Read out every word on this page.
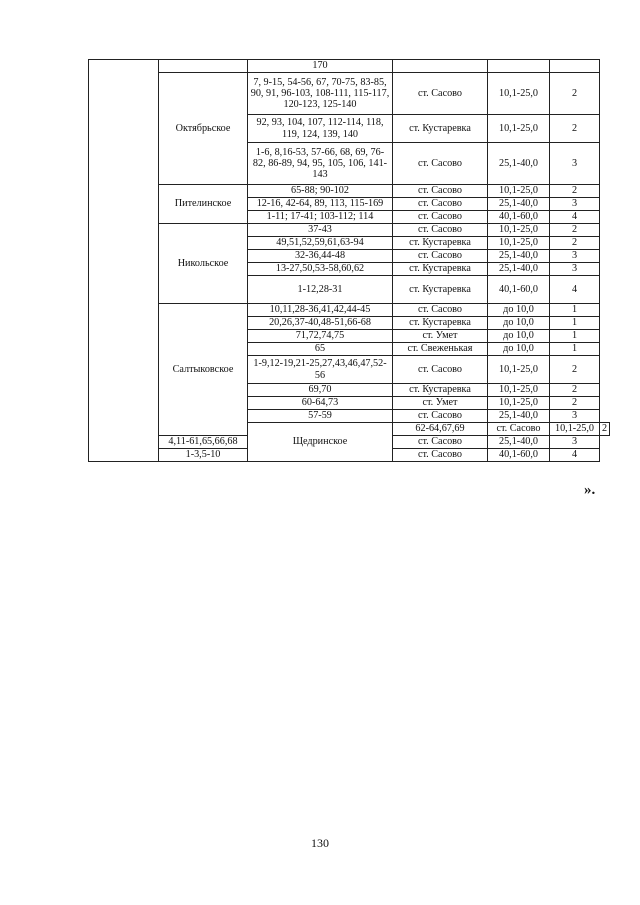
		170				
	Октябрьское	7, 9-15, 54-56, 67, 70-75, 83-85, 90, 91, 96-103, 108-111, 115-117, 120-123, 125-140	ст. Сасово	10,1-25,0	2	
		92, 93, 104, 107, 112-114, 118, 119, 124, 139, 140	ст. Кустаревка	10,1-25,0	2	
		1-6, 8,16-53, 57-66, 68, 69, 76-82, 86-89, 94, 95, 105, 106, 141-143	ст. Сасово	25,1-40,0	3	
	Пителинское	65-88; 90-102	ст. Сасово	10,1-25,0	2	
		12-16, 42-64, 89, 113, 115-169	ст. Сасово	25,1-40,0	3	
		1-11; 17-41; 103-112; 114	ст. Сасово	40,1-60,0	4	
	Никольское	37-43	ст. Сасово	10,1-25,0	2	
		49,51,52,59,61,63-94	ст. Кустаревка	10,1-25,0	2	
		32-36,44-48	ст. Сасово	25,1-40,0	3	
		13-27,50,53-58,60,62	ст. Кустаревка	25,1-40,0	3	
		1-12,28-31	ст. Кустаревка	40,1-60,0	4	
	Салтыковское	10,11,28-36,41,42,44-45	ст. Сасово	до 10,0	1	
		20,26,37-40,48-51,66-68	ст. Кустаревка	до 10,0	1	
		71,72,74,75	ст. Умет	до 10,0	1	
		65	ст. Свеженькая	до 10,0	1	
		1-9,12-19,21-25,27,43,46,47,52-56	ст. Сасово	10,1-25,0	2	
		69,70	ст. Кустаревка	10,1-25,0	2	
		60-64,73	ст. Умет	10,1-25,0	2	
		57-59	ст. Сасово	25,1-40,0	3	
		Щедринское	62-64,67,69	ст. Сасово	10,1-25,0	2
	4,11-61,65,66,68		ст. Сасово	25,1-40,0	3	
	1-3,5-10		ст. Сасово	40,1-60,0	4	
».
130
